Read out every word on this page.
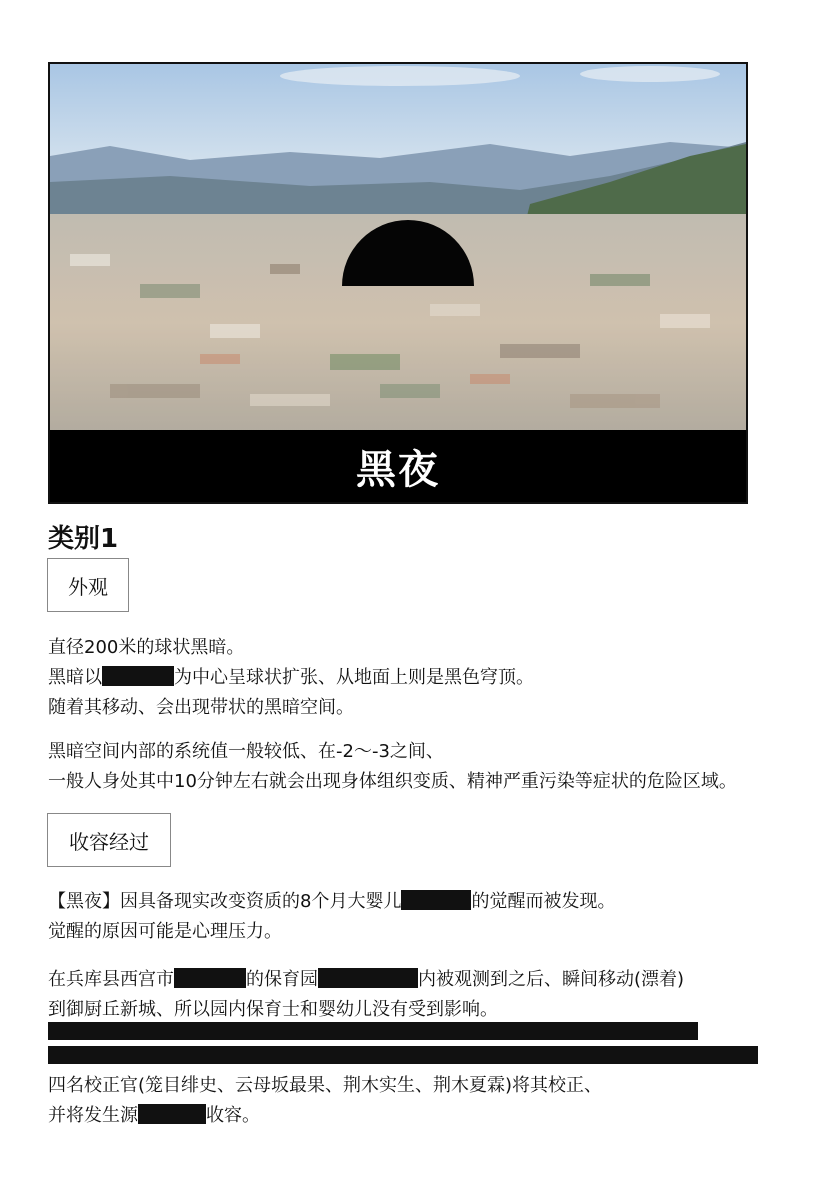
黑夜
类别1
外观
直径200米的球状黑暗。
黑暗以	为中心呈球状扩张、从地面上则是黑色穹顶。
随着其移动、会出现带状的黑暗空间。
黑暗空间内部的系统值一般较低、在-2〜-3之间、
一般人身处其中10分钟左右就会出现身体组织变质、精神严重污染等症状的危险区域。
收容经过
【黑夜】因具备现实改变资质的8个月大婴儿	的觉醒而被发现。
觉醒的原因可能是心理压力。
在兵库县西宫市	的保育园	内被观测到之后、瞬间移动(漂着)
到御厨丘新城、所以园内保育士和婴幼儿没有受到影响。
四名校正官(笼目绯史、云母坂最果、荆木实生、荆木夏霖)将其校正、
并将发生源	收容。
